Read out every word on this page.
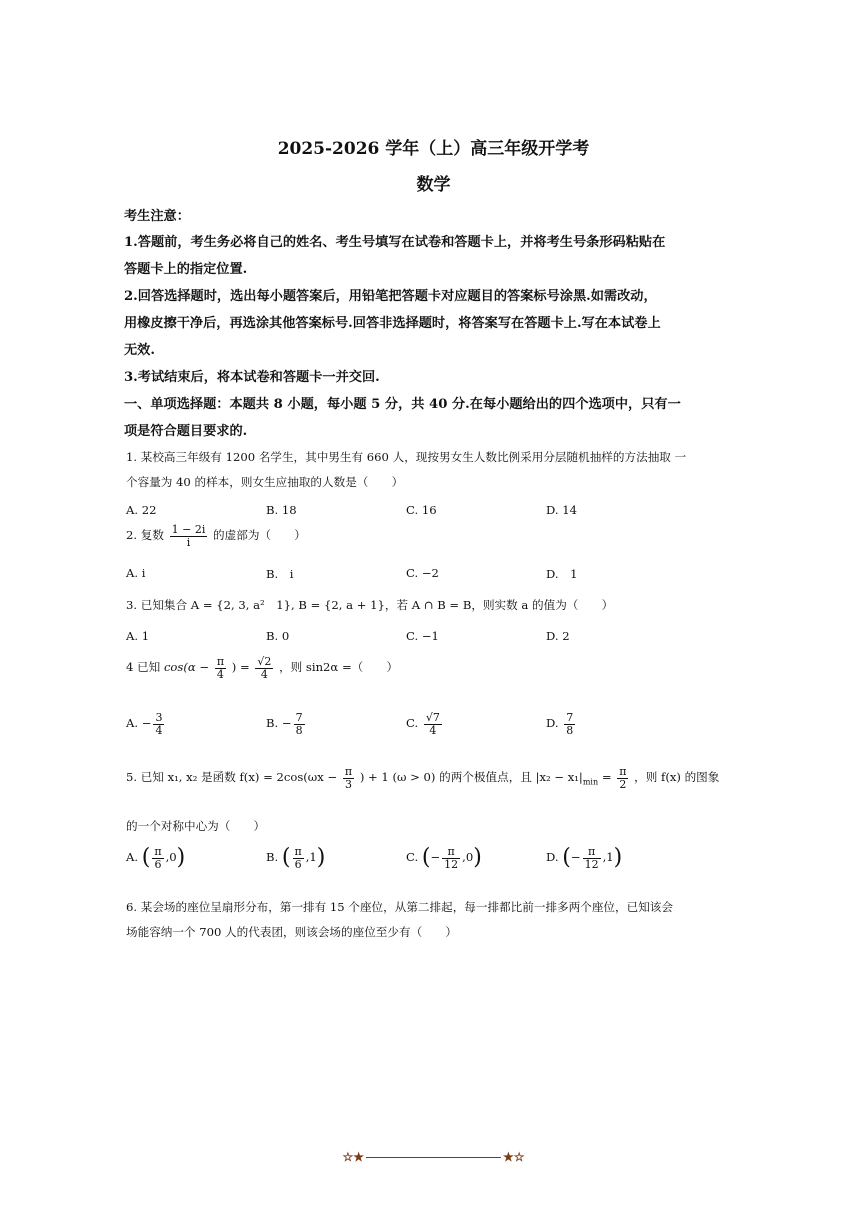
2025-2026 学年（上）高三年级开学考
数学
考生注意：
1.答题前，考生务必将自己的姓名、考生号填写在试卷和答题卡上，并将考生号条形码粘贴在
答题卡上的指定位置.
2.回答选择题时，选出每小题答案后，用铅笔把答题卡对应题目的答案标号涂黑.如需改动，
用橡皮擦干净后，再选涂其他答案标号.回答非选择题时，将答案写在答题卡上.写在本试卷上
无效.
3.考试结束后，将本试卷和答题卡一并交回.
一、单项选择题：本题共 8 小题，每小题 5 分，共 40 分.在每小题给出的四个选项中，只有一
项是符合题目要求的.
1. 某校高三年级有 1200 名学生，其中男生有 660 人，现按男女生人数比例采用分层随机抽样的方法抽取 一
个容量为 40 的样本，则女生应抽取的人数是（　　）
A. 22	B. 18	C. 16	D. 14
2. 复数 $\frac{1 - 2i}{i}$ 的虚部为（　　）
A. i	B.　i	C. −2	D.　1
3. 已知集合 A = {2, 3, a²　1}, B = {2, a + 1}，若 A ∩ B = B，则实数 a 的值为（　　）
A. 1	B. 0	C. −1	D. 2
4 已知 $\cos(\alpha - \frac{\pi}{4}$ ) = $\frac{√2}{4}$ ，则 sin2α =（　　）
A. − $\frac{3}{4}$	B. − $\frac{7}{8}$	C. $\frac{√7}{4}$	D. $\frac{7}{8}$
5. 已知 x₁, x₂ 是函数 $f(x) = 2\cos(\omega x - \frac{\pi}{3}$ ) + 1 (ω > 0) 的两个极值点，且 $|x_2 - x_1|_{min} = \frac{\pi}{2}$ ，则 f(x) 的图象
的一个对称中心为（　　）
A. ( $\frac{\pi}{6} ,0$)	B. ( $\frac{\pi}{6} ,1$)	C. (− $\frac{\pi}{12} ,0$)	D. (− $\frac{\pi}{12} ,1$)
6. 某会场的座位呈扇形分布，第一排有 15 个座位，从第二排起，每一排都比前一排多两个座位，已知该会
场能容纳一个 700 人的代表团，则该会场的座位至少有（　　）
☆★	★☆
